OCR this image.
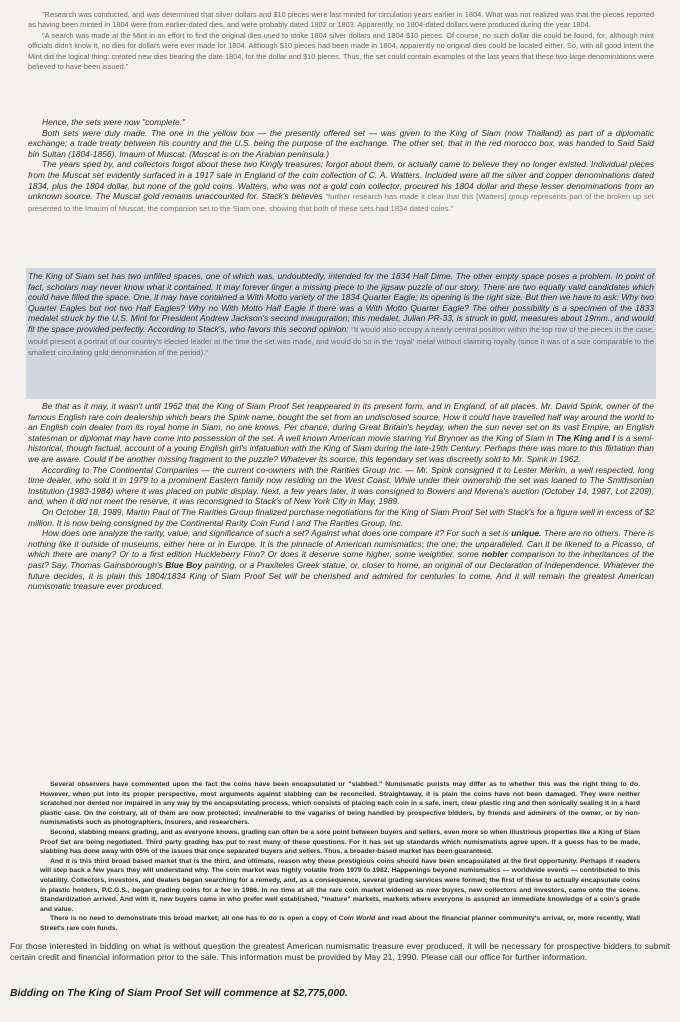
"Research was conducted, and was determined that silver dollars and $10 pieces were last minted for circulation years earlier in 1804. What was not realized was that the pieces reported as having been minted in 1804 were from earlier-dated dies, and were probably dated 1802 or 1803. Apparently, no 1804-dated dollars were produced during the year 1804.

"A search was made at the Mint in an effort to find the original dies used to strike 1804 silver dollars and 1804 $10 pieces. Of course, no such dollar die could be found, for, although mint officials didn't know it, no dies for dollars were ever made for 1804. Although $10 pieces had been made in 1804, apparently no original dies could be located either. So, with all good intent the Mint did the logical thing: created new dies bearing the date 1804, for the dollar and $10 pieces. Thus, the set could contain examples of the last years that these two large denominations were believed to have been issued."

Hence, the sets were now "complete."

Both sets were duly made. The one in the yellow box — the presently offered set — was given to the King of Siam (now Thailand) as part of a diplomatic exchange; a trade treaty between his country and the U.S. being the purpose of the exchange. The other set, that in the red morocco box, was handed to Said Said bin Sultan (1804-1856), Imaum of Muscat. (Muscat is on the Arabian peninsula.)

The years sped by, and collectors forgot about these two Kingly treasures; forgot about them, or actually came to believe they no longer existed. Individual pieces from the Muscat set evidently surfaced in a 1917 sale in England of the coin collection of C. A. Watters. Included were all the silver and copper denominations dated 1834, plus the 1804 dollar, but none of the gold coins. Watters, who was not a gold coin collector, procured his 1804 dollar and these lesser denominations from an unknown source. The Muscat gold remains unaccounted for. Stack's believes "further research has made it clear that this [Watters] group represents part of the broken up set presented to the Imaum of Muscat, the companion set to the Siam one, showing that both of these sets had 1834 dated coins."

The King of Siam set has two unfilled spaces, one of which was, undoubtedly, intended for the 1834 Half Dime. The other empty space poses a problem. In point of fact, scholars may never know what it contained. It may forever linger a missing piece to the jigsaw puzzle of our story. There are two equally valid candidates which could have filled the space. One, it may have contained a With Motto variety of the 1834 Quarter Eagle; its opening is the right size. But then we have to ask: Why two Quarter Eagles but not two Half Eagles? Why no With Motto Half Eagle if there was a With Motto Quarter Eagle? The other possibility is a specimen of the 1833 medalet struck by the U.S. Mint for President Andrew Jackson's second inauguration; this medalet, Julian PR-33, is struck in gold, measures about 19mm., and would fit the space provided perfectly. According to Stack's, who favors this second opinion: "It would also occupy a nearly central position within the top row of the pieces in the case, would present a portrait of our country's elected leader at the time the set was made, and would do so in the 'royal' metal without claiming royalty (since it was of a size comparable to the smallest circulating gold denomination of the period)."

Be that as it may, it wasn't until 1962 that the King of Siam Proof Set reappeared in its present form, and in England, of all places. Mr. David Spink, owner of the famous English rare coin dealership which bears the Spink name, bought the set from an undisclosed source. How it could have travelled half way around the world to an English coin dealer from its royal home in Siam, no one knows. Per chance, during Great Britain's heyday, when the sun never set on its vast Empire, an English statesman or diplomat may have come into possession of the set. A well known American movie starring Yul Brynner as the King of Siam in The King and I is a semi-historical, though factual, account of a young English girl's infatuation with the King of Siam during the late-19th Century. Perhaps there was more to this flirtation than we are aware. Could if be another missing fragment to the puzzle? Whatever its source, this legendary set was discreetly sold to Mr. Spink in 1962.

According to The Continental Companies — the current co-owners with the Rarities Group Inc. — Mr. Spink consigned it to Lester Merkin, a well respected, long time dealer, who sold it in 1979 to a prominent Eastern family now residing on the West Coast. While under their ownership the set was loaned to The Smithsonian Institution (1983-1984) where it was placed on public display. Next, a few years later, it was consigned to Bowers and Merena's auction (October 14, 1987, Lot 2209), and, when it did not meet the reserve, it was reconsigned to Stack's of New York City in May, 1989.

On October 18, 1989, Martin Paul of The Rarities Group finalized purchase negotiations for the King of Siam Proof Set with Stack's for a figure well in excess of $2 million. It is now being consigned by the Continental Rarity Coin Fund I and The Rarities Group, Inc.

How does one analyze the rarity, value, and significance of such a set? Against what does one compare it? For such a set is unique. There are no others. There is nothing like it outside of museums, either here or in Europe. It is the pinnacle of American numismatics; the one; the unparalleled. Can it be likened to a Picasso, of which there are many? Or to a first edition Huckleberry Finn? Or does it deserve some higher, some weightier, some nobler comparison to the inheritances of the past? Say, Thomas Gainsborough's Blue Boy painting, or a Praxiteles Greek statue, or, closer to home, an original of our Declaration of Independence. Whatever the future decides, it is plain this 1804/1834 King of Siam Proof Set will be cherished and admired for centuries to come. And it will remain the greatest American numismatic treasure ever produced.

Several observers have commented upon the fact the coins have been encapsulated or "slabbed." Numismatic purists may differ as to whether this was the right thing to do. However, when put into its proper perspective, most arguments against slabbing can be reconciled. Straightaway, it is plain the coins have not been damaged. They were neither scratched nor dented nor impaired in any way by the encapsulating process, which consists of placing each coin in a safe, inert, clear plastic ring and then sonically sealing it in a hard plastic case. On the contrary, all of them are now protected; invulnerable to the vagaries of being handled by prospective bidders, by friends and admirers of the owner, or by non-numismatists such as photographers, insurers, and researchers.

Second, slabbing means grading, and as everyone knows, grading can often be a sore point between buyers and sellers, even more so when illustrious properties like a King of Siam Proof Set are being negotiated. Third party grading has put to rest many of these questions. For it has set up standards which numismatists agree upon. If a guess has to be made, slabbing has done away with 95% of the issues that once separated buyers and sellers. Thus, a broader-based market has been guaranteed.

And it is this third broad based market that is the third, and ultimate, reason why these prestigious coins should have been encapsulated at the first opportunity. Perhaps if readers will step back a few years they will understand why. The coin market was highly volatile from 1979 to 1982. Happenings beyond numismatics — worldwide events — contributed to this volatility. Collectors, investors, and dealers began searching for a remedy, and, as a consequence, several grading services were formed; the first of these to actually encapsulate coins in plastic holders, P.C.G.S., began grading coins for a fee in 1986. In no time at all the rare coin market widened as new buyers, new collectors and investors, came onto the scene. Standardization arrived. And with it, new buyers came in who prefer well established, "mature" markets, markets where everyone is assured an immediate knowledge of a coin's grade and value.

There is no need to demonstrate this broad market; all one has to do is open a copy of Coin World and read about the financial planner community's arrival, or, more recently, Wall Street's rare coin funds.

For those interested in bidding on what is without question the greatest American numismatic treasure ever produced, it will be necessary for prospective bidders to submit certain credit and financial information prior to the sale. This information must be provided by May 21, 1990. Please call our office for further information.

Bidding on The King of Siam Proof Set will commence at $2,775,000.
